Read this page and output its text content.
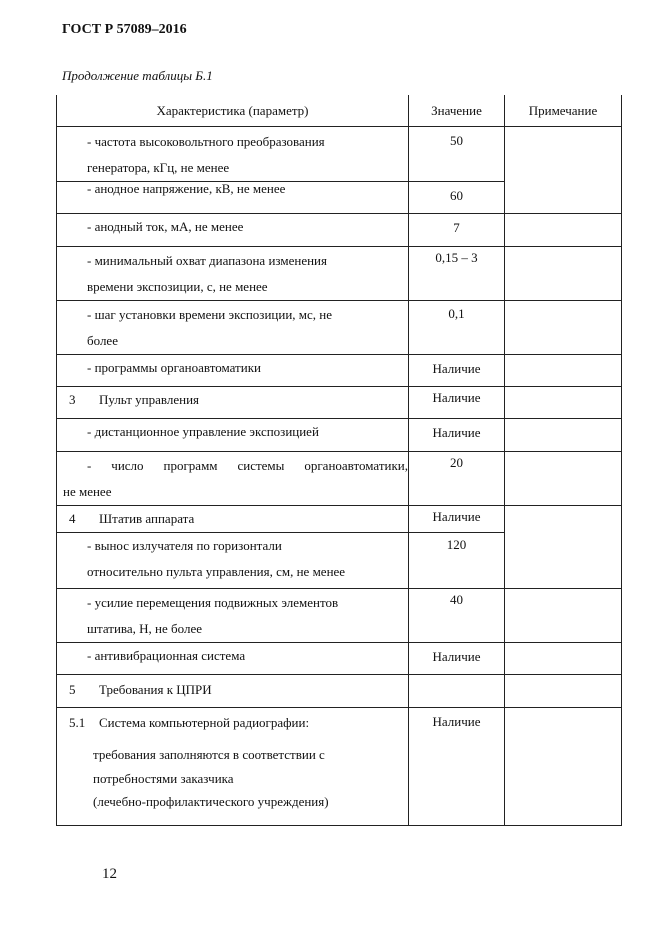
ГОСТ Р 57089–2016
Продолжение таблицы Б.1
Характеристика (параметр)	Значение	Примечание

- частота высоковольтного преобразования
генератора, кГц, не менее	50	

- анодное напряжение, кВ, не менее	60	

- анодный ток, мА, не менее	7	

- минимальный охват диапазона изменения
времени экспозиции, с, не менее	0,15 – 3	

- шаг установки времени экспозиции, мс, не
более	0,1	

- программы органоавтоматики	Наличие	

3 Пульт управления	Наличие	

- дистанционное управление экспозицией	Наличие	

- число программ системы органоавтоматики,
не менее	20	

4 Штатив аппарата	Наличие	

- вынос излучателя по горизонтали
относительно пульта управления, см, не менее	120	

- усилие перемещения подвижных элементов
штатива, Н, не более	40	

- антивибрационная система	Наличие	

5 Требования к ЦПРИ		

5.1 Система компьютерной радиографии:
требования заполняются в соответствии с
потребностями заказчика
(лечебно-профилактического учреждения)	Наличие	
12
